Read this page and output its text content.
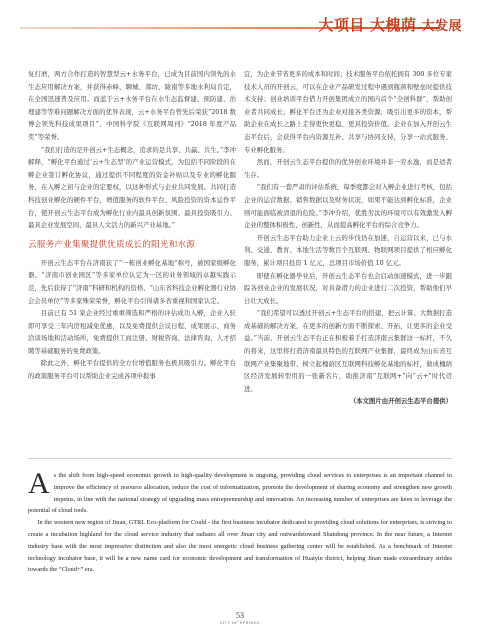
大项目 大槐荫 大发展

复打磨，两方合作打造的智慧型云+水务平台，已成为目前国内领先的水生态应用解决方案，并获得赤峰、聊城、郯坊、陇南等多地水利局肯定，在全国迅速普及应用。而蓝于云+水务平台在水生态监督建、预防建、治理建等等难问题解决方面的优异表现，云+水务平台曾先后荣获“2018 数博会领先科技成果项目”、中国科学院《互联网周刊》“2018 年度产品奖”等荣誉。

“我们打造的是开创云+生态概念，追求的是共享、共赢、共生。”李冲解释，“孵化平台通过‘云+生态型’的产业运营模式，为包括不同阶段的在孵企业签订孵化协议，通过提供不同程度的资金补贴以及专业的孵化服务，在入孵之初与企业的定要权，以这种形式与企业共同发展。共同打造科技创业孵化的硬件平台，增值服务的软件平台、风险投资的资本运作平台，使开创云生态平台成为孵化行业内最具创新氛围、最具投资吸引力、最具企业发展空间、最具人文活力的新兴产业基地。”

云服务产业集聚提供优质成长的阳光和水源

开创云生态平台在济南获了“一栋创业孵化基地”称号，被国家级孵化器、“济南市创业园区”等多家单位认定为一区的业务领域的卓越实践示范，先后获得了“济南”科研和机构的资格、“山东省科技企业孵化器行业协会会员单位”等多家殊荣荣誉，孵化平台引得诸多省重视和国家认定。

目前已有 51 家企业经过重重筛选和严格的评估成功入孵，企业入驻即可享受三年内房租减免优惠，以及免费提供会议日程、成果展示、商务洽谈场地和活动场所，免费提供工商注册、财税咨询、法律咨询、人才招聘等基础服务的免费政策。

除此之外，孵化平台提供的全方位增值服务也极具吸引力。孵化平台的政策服务平台可以帮助企业完成各项申报事

宜，为企业节省更多的成本和时间；技术服务平台依托拥有 300 多位专家技术人员的开创云，可以在企业产品研发过程中遇到瓶颈和壁垒时提供技术支持；创业培训平台借力开创集团成立的国内首个“全创科群”，帮助创业者共同成长；孵化平台还为企业对接各类资源，吸引出更多的资本，帮助企业在成长之路上走得更快更稳、更具投资价值。企业在加入开创云生态平台后，会获得平台内资源互补、共享与协同支持，分享一站式服务、专业孵化服务。

然而，开创云生态平台提供的优异创业环境并非一劳永逸，而是适者生存。

“我们有一套严肃的评估系统，每季度都会对入孵企业进行考核，包括企业的运营数据、销售数据以及财务状况，如果不能达到孵化标准，企业则可能面临被清退的危险。”李冲介绍，优胜劣汰的环境可以有效激发入孵企业的整体积极性、创新性，从而提高孵化平台的综合竞争力。

开创云生态平台助力企业上云的步伐仍在加速，自运营以来，已与水利、交通、教育、本地生活等数百个互联网、物联网项目提供了相应孵化服务，累计项目投资 1 亿元，总项目市场价值 10 亿元。

即使在孵化器毕业后，开创云生态平台也会启动加速模式，进一步跟踪各创业企业的发展状况，对具备潜力的企业进行二次投资，帮助他们早日壮大成长。

“我们希望可以透过开创云+生态平台的搭建，把云计算、大数据打造成基础的解决方案，在更多的创新方面不断探索、开拓，让更多的企业受益。”当前，开创云生态平台正在积极着手打造济南云集群这一标杆，不久的将来，这里将打造济南最具特色的互联网产业集群，最终成为山东省互联网产业集聚地带、树立起槐荫区互联网科技孵化基地的标杆，做成槐荫区经济发展转型用的一张新名片，助推济南”互联网+”向“云+”时代迈进。

（本文图片由开创云生态平台提供）

As the shift from high-speed economic growth to high-quality development is ongoing, providing cloud services to enterprises is an important channel to improve the efficiency of resource allocation, reduce the cost of informatization, promote the development of sharing economy and strengthen new growth impetus, in line with the national strategy of upgrading mass entrepreneurship and innovation. An increasing number of enterprises are keen to leverage the potential of cloud tools.

In the western new region of Jinan, GTRL Eco-platform for Could - the first business incubator dedicated to providing cloud solutions for enterprises, is striving to create a incubation highland for the cloud service industry that radiates all over Jinan city and outwardstoward Shandong province. In the near future, a Internet industry base with the most impressive distinction and also the most energetic cloud business gathering center will be established. As a benchmark of Internet technology incubator base, it will be a new name card for economic development and transformation of Huaiyin district, helping Jinan made extraordinary strides towards the “Cloud+” era.

53
CITY OF SPRINGS
